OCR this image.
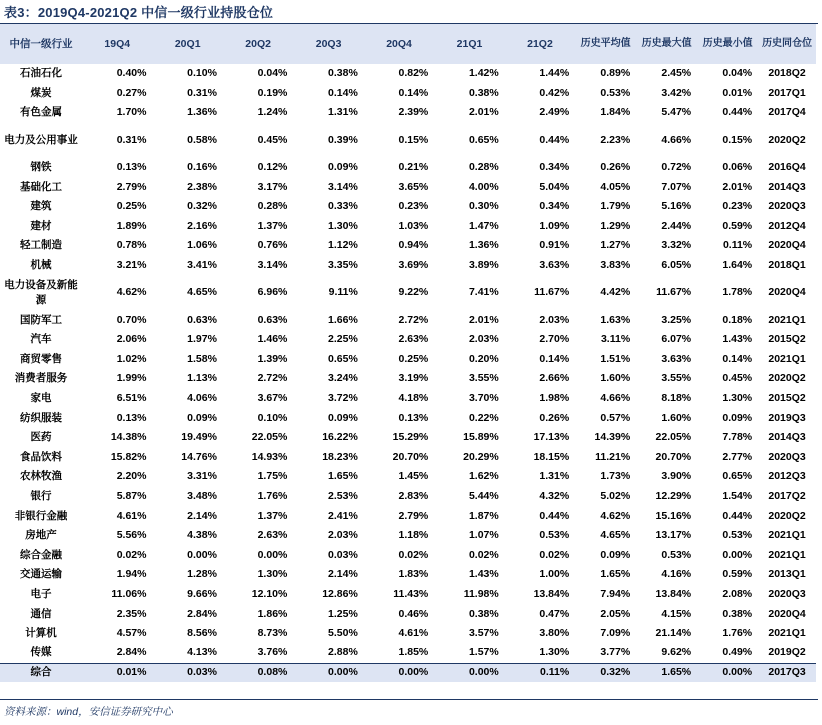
表3：2019Q4-2021Q2 中信一级行业持股仓位
中信一级行业	19Q4	20Q1	20Q2	20Q3	20Q4	21Q1	21Q2	历史平均值	历史最大值	历史最小值	历史同仓位
石油石化	0.40%	0.10%	0.04%	0.38%	0.82%	1.42%	1.44%	0.89%	2.45%	0.04%	2018Q2
煤炭	0.27%	0.31%	0.19%	0.14%	0.14%	0.38%	0.42%	0.53%	3.42%	0.01%	2017Q1
有色金属	1.70%	1.36%	1.24%	1.31%	2.39%	2.01%	2.49%	1.84%	5.47%	0.44%	2017Q4
电力及公用事业	0.31%	0.58%	0.45%	0.39%	0.15%	0.65%	0.44%	2.23%	4.66%	0.15%	2020Q2
钢铁	0.13%	0.16%	0.12%	0.09%	0.21%	0.28%	0.34%	0.26%	0.72%	0.06%	2016Q4
基础化工	2.79%	2.38%	3.17%	3.14%	3.65%	4.00%	5.04%	4.05%	7.07%	2.01%	2014Q3
建筑	0.25%	0.32%	0.28%	0.33%	0.23%	0.30%	0.34%	1.79%	5.16%	0.23%	2020Q3
建材	1.89%	2.16%	1.37%	1.30%	1.03%	1.47%	1.09%	1.29%	2.44%	0.59%	2012Q4
轻工制造	0.78%	1.06%	0.76%	1.12%	0.94%	1.36%	0.91%	1.27%	3.32%	0.11%	2020Q4
机械	3.21%	3.41%	3.14%	3.35%	3.69%	3.89%	3.63%	3.83%	6.05%	1.64%	2018Q1
电力设备及新能源	4.62%	4.65%	6.96%	9.11%	9.22%	7.41%	11.67%	4.42%	11.67%	1.78%	2020Q4
国防军工	0.70%	0.63%	0.63%	1.66%	2.72%	2.01%	2.03%	1.63%	3.25%	0.18%	2021Q1
汽车	2.06%	1.97%	1.46%	2.25%	2.63%	2.03%	2.70%	3.11%	6.07%	1.43%	2015Q2
商贸零售	1.02%	1.58%	1.39%	0.65%	0.25%	0.20%	0.14%	1.51%	3.63%	0.14%	2021Q1
消费者服务	1.99%	1.13%	2.72%	3.24%	3.19%	3.55%	2.66%	1.60%	3.55%	0.45%	2020Q2
家电	6.51%	4.06%	3.67%	3.72%	4.18%	3.70%	1.98%	4.66%	8.18%	1.30%	2015Q2
纺织服装	0.13%	0.09%	0.10%	0.09%	0.13%	0.22%	0.26%	0.57%	1.60%	0.09%	2019Q3
医药	14.38%	19.49%	22.05%	16.22%	15.29%	15.89%	17.13%	14.39%	22.05%	7.78%	2014Q3
食品饮料	15.82%	14.76%	14.93%	18.23%	20.70%	20.29%	18.15%	11.21%	20.70%	2.77%	2020Q3
农林牧渔	2.20%	3.31%	1.75%	1.65%	1.45%	1.62%	1.31%	1.73%	3.90%	0.65%	2012Q3
银行	5.87%	3.48%	1.76%	2.53%	2.83%	5.44%	4.32%	5.02%	12.29%	1.54%	2017Q2
非银行金融	4.61%	2.14%	1.37%	2.41%	2.79%	1.87%	0.44%	4.62%	15.16%	0.44%	2020Q2
房地产	5.56%	4.38%	2.63%	2.03%	1.18%	1.07%	0.53%	4.65%	13.17%	0.53%	2021Q1
综合金融	0.02%	0.00%	0.00%	0.03%	0.02%	0.02%	0.02%	0.09%	0.53%	0.00%	2021Q1
交通运输	1.94%	1.28%	1.30%	2.14%	1.83%	1.43%	1.00%	1.65%	4.16%	0.59%	2013Q1
电子	11.06%	9.66%	12.10%	12.86%	11.43%	11.98%	13.84%	7.94%	13.84%	2.08%	2020Q3
通信	2.35%	2.84%	1.86%	1.25%	0.46%	0.38%	0.47%	2.05%	4.15%	0.38%	2020Q4
计算机	4.57%	8.56%	8.73%	5.50%	4.61%	3.57%	3.80%	7.09%	21.14%	1.76%	2021Q1
传媒	2.84%	4.13%	3.76%	2.88%	1.85%	1.57%	1.30%	3.77%	9.62%	0.49%	2019Q2
综合	0.01%	0.03%	0.08%	0.00%	0.00%	0.00%	0.11%	0.32%	1.65%	0.00%	2017Q3
资料来源：wind，安信证券研究中心
